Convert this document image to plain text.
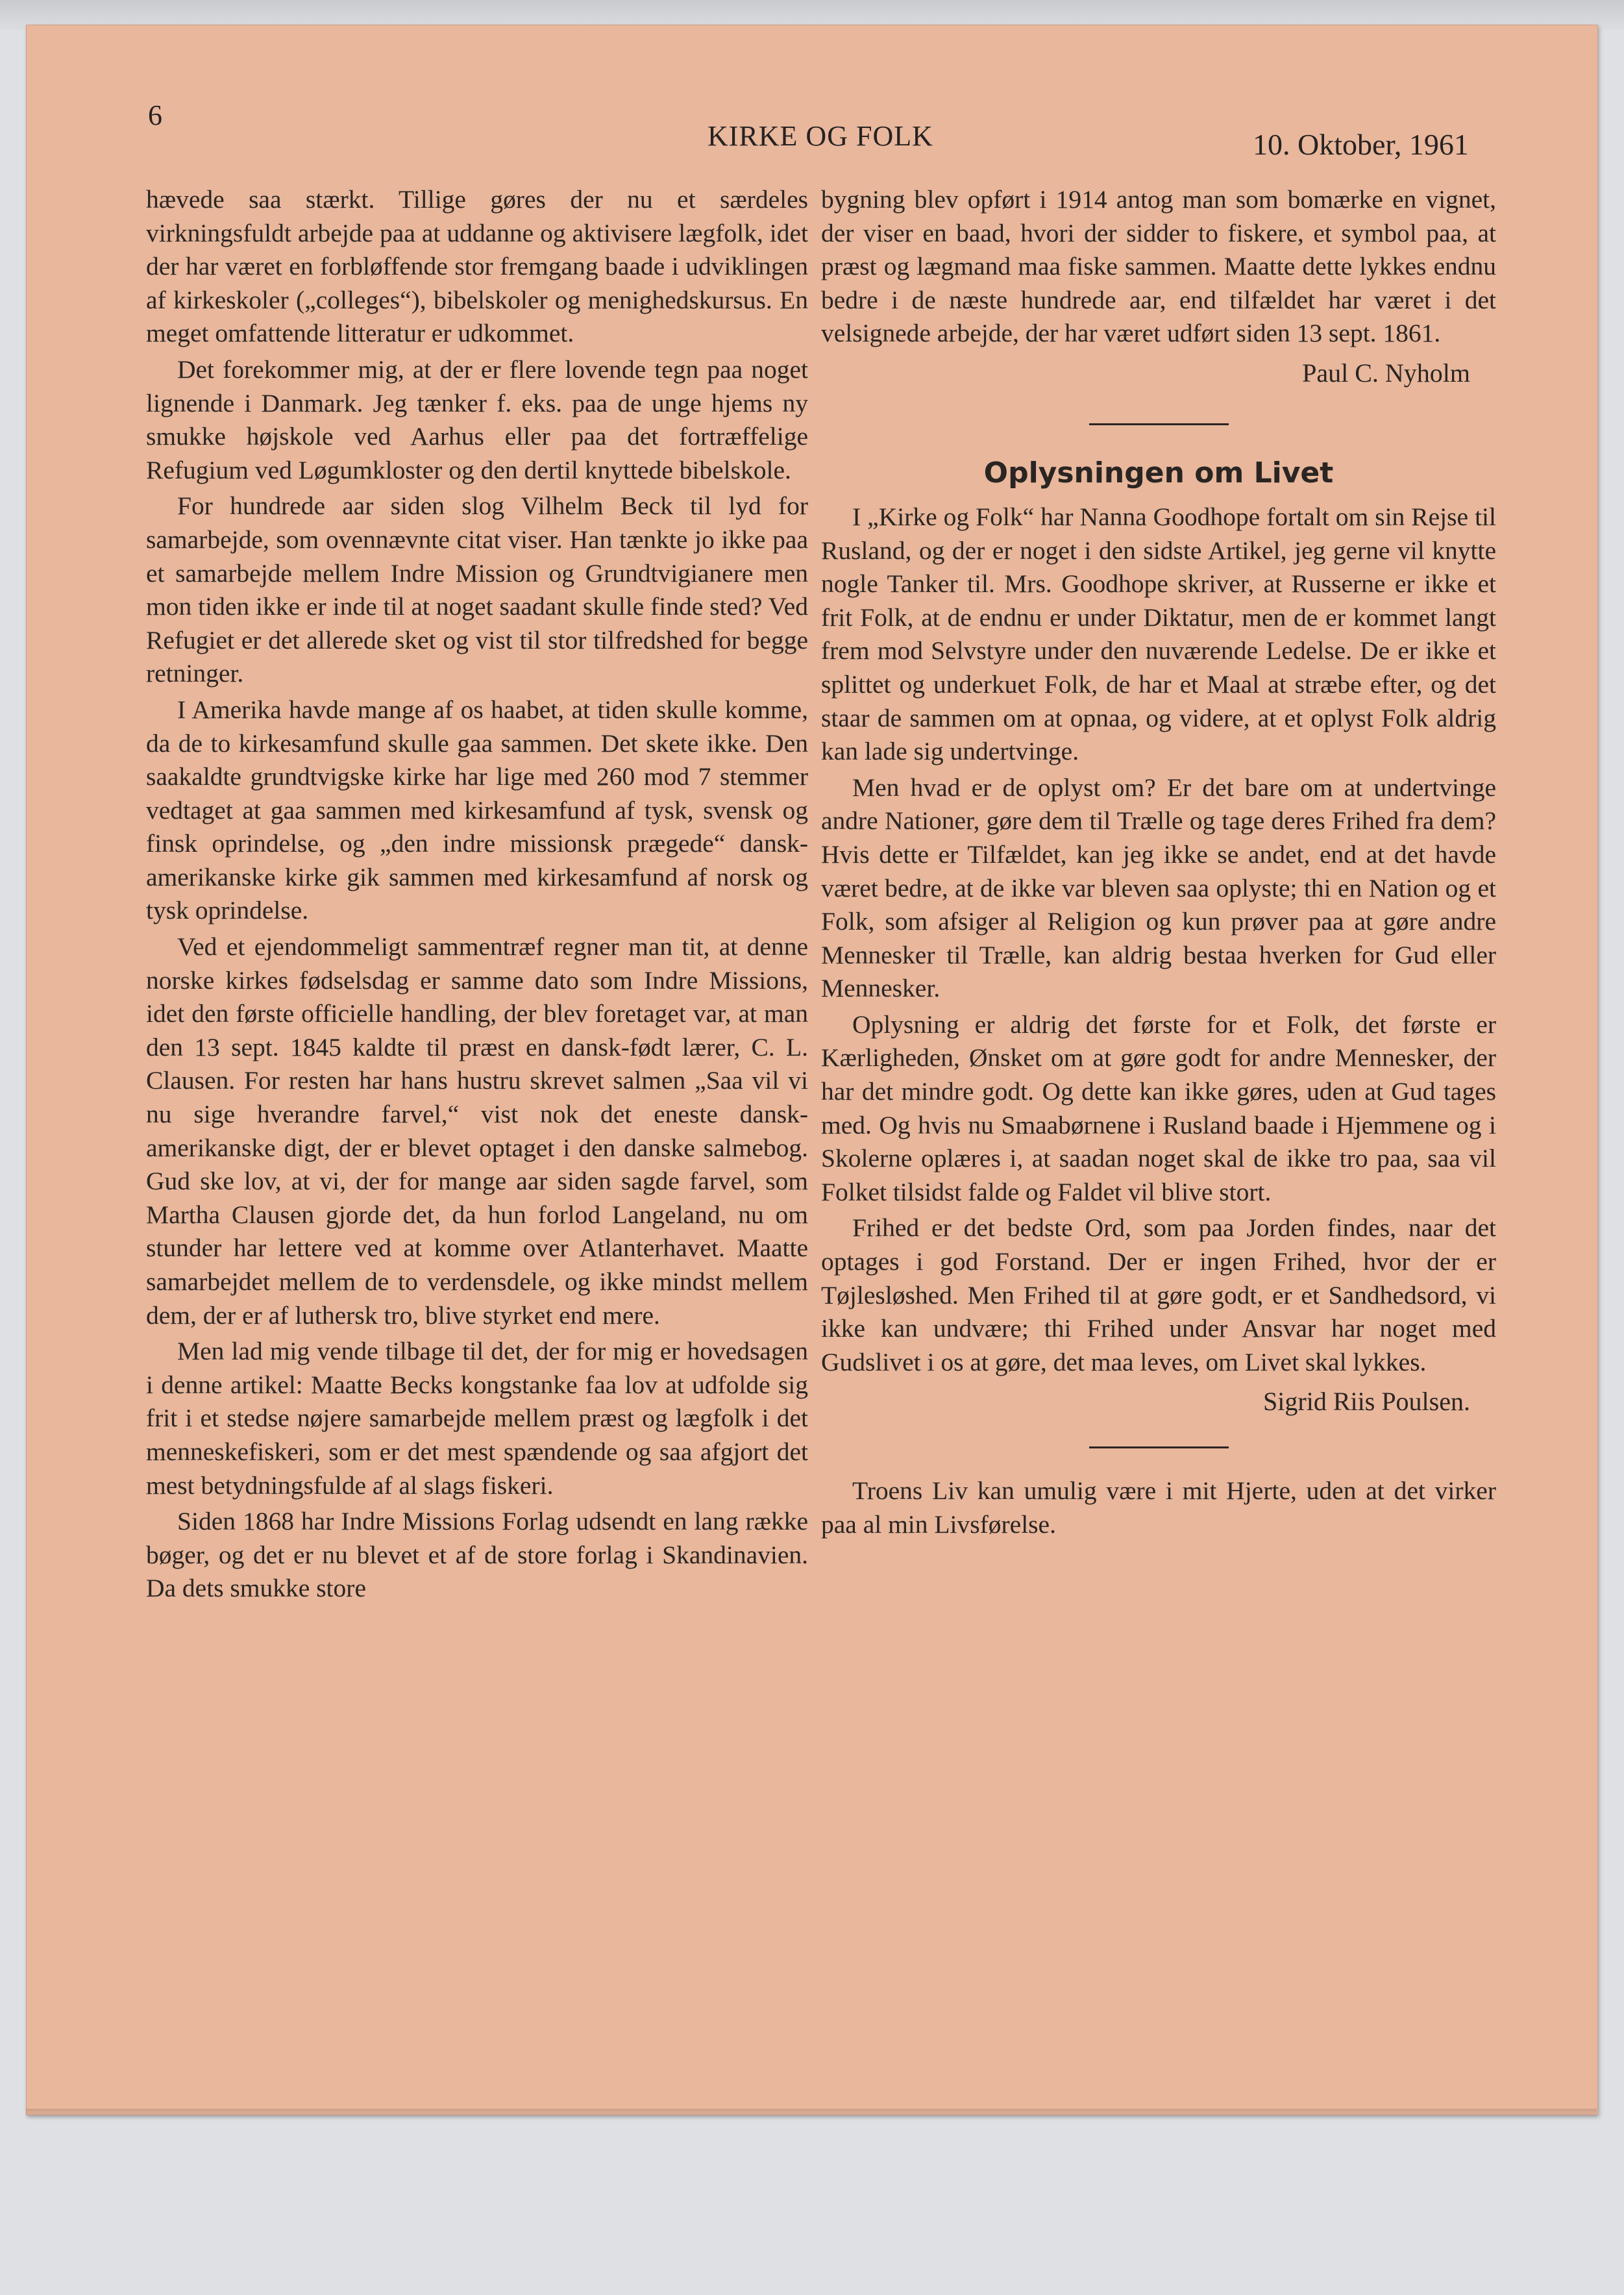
6
KIRKE OG FOLK	10. Oktober, 1961

hævede saa stærkt. Tillige gøres der nu et særdeles virkningsfuldt arbejde paa at uddanne og aktivisere lægfolk, idet der har været en forbløffende stor fremgang baade i udviklingen af kirkeskoler („colleges“), bibelskoler og menighedskursus. En meget omfattende litteratur er udkommet.

Det forekommer mig, at der er flere lovende tegn paa noget lignende i Danmark. Jeg tænker f. eks. paa de unge hjems ny smukke højskole ved Aarhus eller paa det fortræffelige Refugium ved Løgumkloster og den dertil knyttede bibelskole.

For hundrede aar siden slog Vilhelm Beck til lyd for samarbejde, som ovennævnte citat viser. Han tænkte jo ikke paa et samarbejde mellem Indre Mission og Grundtvigianere men mon tiden ikke er inde til at noget saadant skulle finde sted? Ved Refugiet er det allerede sket og vist til stor tilfredshed for begge retninger.

I Amerika havde mange af os haabet, at tiden skulle komme, da de to kirkesamfund skulle gaa sammen. Det skete ikke. Den saakaldte grundtvigske kirke har lige med 260 mod 7 stemmer vedtaget at gaa sammen med kirkesamfund af tysk, svensk og finsk oprindelse, og „den indre missionsk prægede“ dansk-amerikanske kirke gik sammen med kirkesamfund af norsk og tysk oprindelse.

Ved et ejendommeligt sammentræf regner man tit, at denne norske kirkes fødselsdag er samme dato som Indre Missions, idet den første officielle handling, der blev foretaget var, at man den 13 sept. 1845 kaldte til præst en dansk-født lærer, C. L. Clausen. For resten har hans hustru skrevet salmen „Saa vil vi nu sige hverandre farvel,“ vist nok det eneste dansk-amerikanske digt, der er blevet optaget i den danske salmebog. Gud ske lov, at vi, der for mange aar siden sagde farvel, som Martha Clausen gjorde det, da hun forlod Langeland, nu om stunder har lettere ved at komme over Atlanterhavet. Maatte samarbejdet mellem de to verdensdele, og ikke mindst mellem dem, der er af luthersk tro, blive styrket end mere.

Men lad mig vende tilbage til det, der for mig er hovedsagen i denne artikel: Maatte Becks kongstanke faa lov at udfolde sig frit i et stedse nøjere samarbejde mellem præst og lægfolk i det menneskefiskeri, som er det mest spændende og saa afgjort det mest betydningsfulde af al slags fiskeri.

Siden 1868 har Indre Missions Forlag udsendt en lang række bøger, og det er nu blevet et af de store forlag i Skandinavien. Da dets smukke store

bygning blev opført i 1914 antog man som bomærke en vignet, der viser en baad, hvori der sidder to fiskere, et symbol paa, at præst og lægmand maa fiske sammen. Maatte dette lykkes endnu bedre i de næste hundrede aar, end tilfældet har været i det velsignede arbejde, der har været udført siden 13 sept. 1861.

Paul C. Nyholm
Oplysningen om Livet

I „Kirke og Folk“ har Nanna Goodhope fortalt om sin Rejse til Rusland, og der er noget i den sidste Artikel, jeg gerne vil knytte nogle Tanker til. Mrs. Goodhope skriver, at Russerne er ikke et frit Folk, at de endnu er under Diktatur, men de er kommet langt frem mod Selvstyre under den nuværende Ledelse. De er ikke et splittet og underkuet Folk, de har et Maal at stræbe efter, og det staar de sammen om at opnaa, og videre, at et oplyst Folk aldrig kan lade sig undertvinge.

Men hvad er de oplyst om? Er det bare om at undertvinge andre Nationer, gøre dem til Trælle og tage deres Frihed fra dem? Hvis dette er Tilfældet, kan jeg ikke se andet, end at det havde været bedre, at de ikke var bleven saa oplyste; thi en Nation og et Folk, som afsiger al Religion og kun prøver paa at gøre andre Mennesker til Trælle, kan aldrig bestaa hverken for Gud eller Mennesker.

Oplysning er aldrig det første for et Folk, det første er Kærligheden, Ønsket om at gøre godt for andre Mennesker, der har det mindre godt. Og dette kan ikke gøres, uden at Gud tages med. Og hvis nu Smaabørnene i Rusland baade i Hjemmene og i Skolerne oplæres i, at saadan noget skal de ikke tro paa, saa vil Folket tilsidst falde og Faldet vil blive stort.

Frihed er det bedste Ord, som paa Jorden findes, naar det optages i god Forstand. Der er ingen Frihed, hvor der er Tøjlesløshed. Men Frihed til at gøre godt, er et Sandhedsord, vi ikke kan undvære; thi Frihed under Ansvar har noget med Gudslivet i os at gøre, det maa leves, om Livet skal lykkes.

Sigrid Riis Poulsen.

Troens Liv kan umulig være i mit Hjerte, uden at det virker paa al min Livsførelse.
